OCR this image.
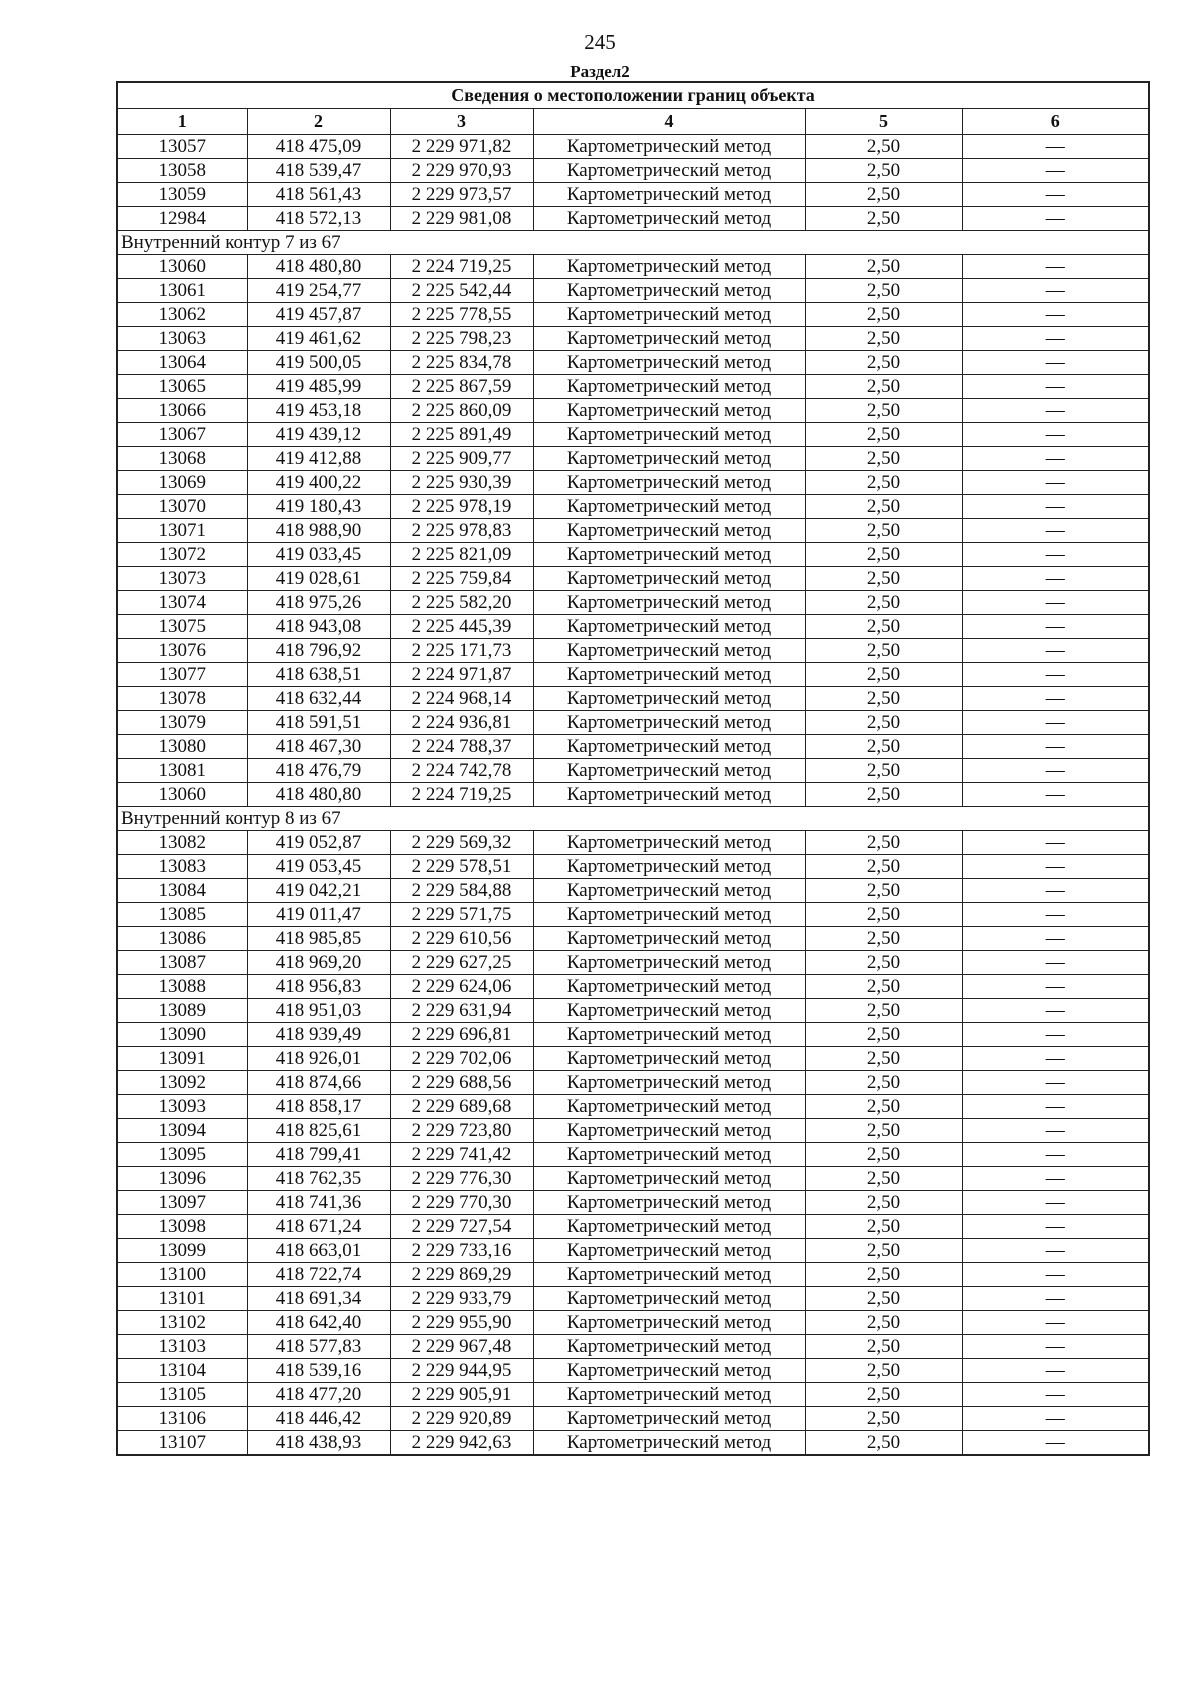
245
Раздел2
Сведения о местоположении границ объекта					
1	2	3	4	5	6
13057	418 475,09	2 229 971,82	Картометрический метод	2,50	—
13058	418 539,47	2 229 970,93	Картометрический метод	2,50	—
13059	418 561,43	2 229 973,57	Картометрический метод	2,50	—
12984	418 572,13	2 229 981,08	Картометрический метод	2,50	—
Внутренний контур 7 из 67					
13060	418 480,80	2 224 719,25	Картометрический метод	2,50	—
13061	419 254,77	2 225 542,44	Картометрический метод	2,50	—
13062	419 457,87	2 225 778,55	Картометрический метод	2,50	—
13063	419 461,62	2 225 798,23	Картометрический метод	2,50	—
13064	419 500,05	2 225 834,78	Картометрический метод	2,50	—
13065	419 485,99	2 225 867,59	Картометрический метод	2,50	—
13066	419 453,18	2 225 860,09	Картометрический метод	2,50	—
13067	419 439,12	2 225 891,49	Картометрический метод	2,50	—
13068	419 412,88	2 225 909,77	Картометрический метод	2,50	—
13069	419 400,22	2 225 930,39	Картометрический метод	2,50	—
13070	419 180,43	2 225 978,19	Картометрический метод	2,50	—
13071	418 988,90	2 225 978,83	Картометрический метод	2,50	—
13072	419 033,45	2 225 821,09	Картометрический метод	2,50	—
13073	419 028,61	2 225 759,84	Картометрический метод	2,50	—
13074	418 975,26	2 225 582,20	Картометрический метод	2,50	—
13075	418 943,08	2 225 445,39	Картометрический метод	2,50	—
13076	418 796,92	2 225 171,73	Картометрический метод	2,50	—
13077	418 638,51	2 224 971,87	Картометрический метод	2,50	—
13078	418 632,44	2 224 968,14	Картометрический метод	2,50	—
13079	418 591,51	2 224 936,81	Картометрический метод	2,50	—
13080	418 467,30	2 224 788,37	Картометрический метод	2,50	—
13081	418 476,79	2 224 742,78	Картометрический метод	2,50	—
13060	418 480,80	2 224 719,25	Картометрический метод	2,50	—
Внутренний контур 8 из 67					
13082	419 052,87	2 229 569,32	Картометрический метод	2,50	—
13083	419 053,45	2 229 578,51	Картометрический метод	2,50	—
13084	419 042,21	2 229 584,88	Картометрический метод	2,50	—
13085	419 011,47	2 229 571,75	Картометрический метод	2,50	—
13086	418 985,85	2 229 610,56	Картометрический метод	2,50	—
13087	418 969,20	2 229 627,25	Картометрический метод	2,50	—
13088	418 956,83	2 229 624,06	Картометрический метод	2,50	—
13089	418 951,03	2 229 631,94	Картометрический метод	2,50	—
13090	418 939,49	2 229 696,81	Картометрический метод	2,50	—
13091	418 926,01	2 229 702,06	Картометрический метод	2,50	—
13092	418 874,66	2 229 688,56	Картометрический метод	2,50	—
13093	418 858,17	2 229 689,68	Картометрический метод	2,50	—
13094	418 825,61	2 229 723,80	Картометрический метод	2,50	—
13095	418 799,41	2 229 741,42	Картометрический метод	2,50	—
13096	418 762,35	2 229 776,30	Картометрический метод	2,50	—
13097	418 741,36	2 229 770,30	Картометрический метод	2,50	—
13098	418 671,24	2 229 727,54	Картометрический метод	2,50	—
13099	418 663,01	2 229 733,16	Картометрический метод	2,50	—
13100	418 722,74	2 229 869,29	Картометрический метод	2,50	—
13101	418 691,34	2 229 933,79	Картометрический метод	2,50	—
13102	418 642,40	2 229 955,90	Картометрический метод	2,50	—
13103	418 577,83	2 229 967,48	Картометрический метод	2,50	—
13104	418 539,16	2 229 944,95	Картометрический метод	2,50	—
13105	418 477,20	2 229 905,91	Картометрический метод	2,50	—
13106	418 446,42	2 229 920,89	Картометрический метод	2,50	—
13107	418 438,93	2 229 942,63	Картометрический метод	2,50	—
